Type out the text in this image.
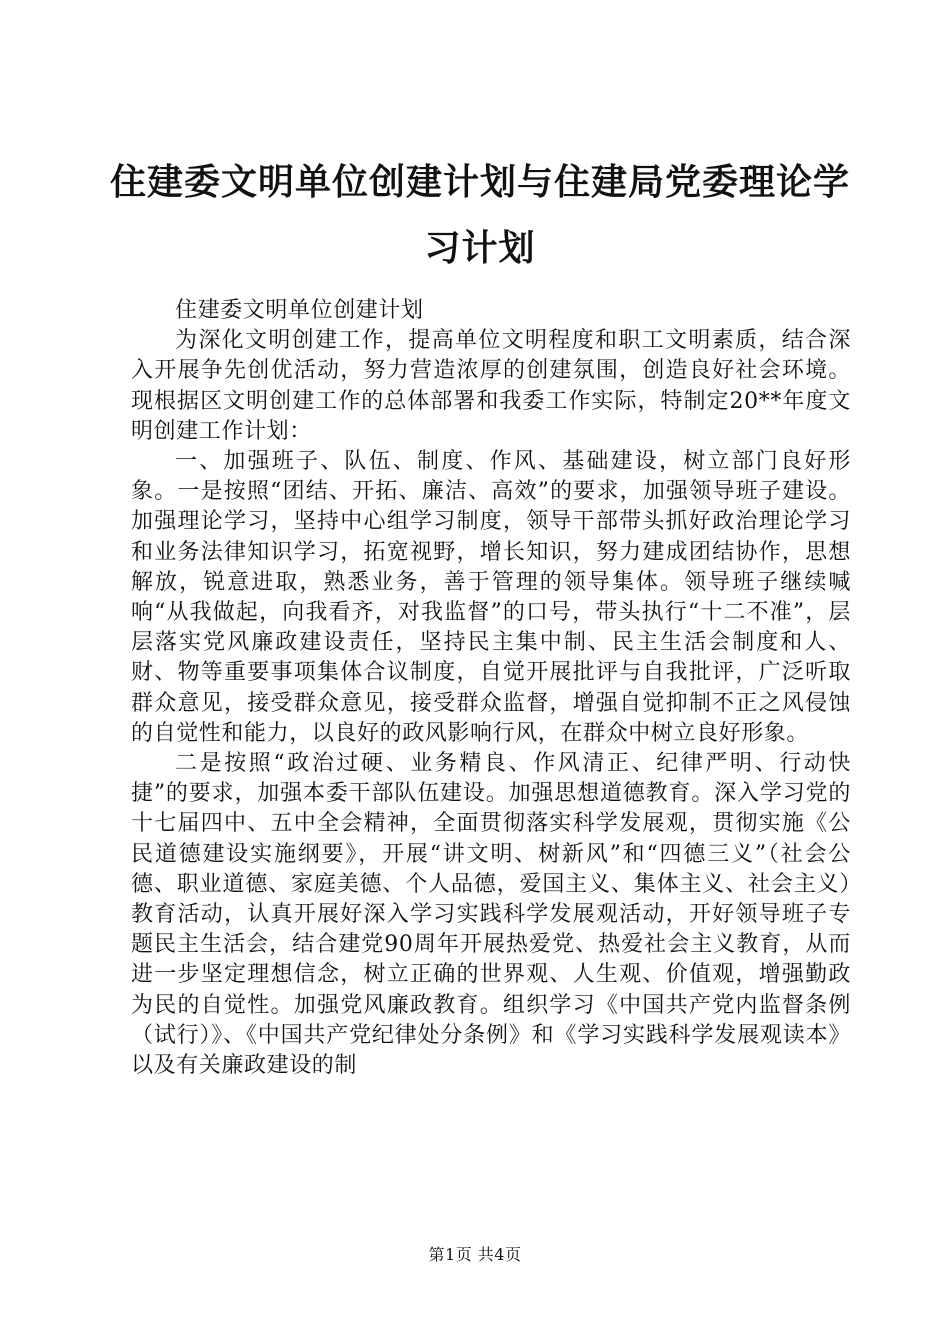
住建委文明单位创建计划与住建局党委理论学习计划

住建委文明单位创建计划

为深化文明创建工作，提高单位文明程度和职工文明素质，结合深入开展争先创优活动，努力营造浓厚的创建氛围，创造良好社会环境。现根据区文明创建工作的总体部署和我委工作实际，特制定20**年度文明创建工作计划：

一、加强班子、队伍、制度、作风、基础建设，树立部门良好形象。一是按照“团结、开拓、廉洁、高效”的要求，加强领导班子建设。加强理论学习，坚持中心组学习制度，领导干部带头抓好政治理论学习和业务法律知识学习，拓宽视野，增长知识，努力建成团结协作，思想解放，锐意进取，熟悉业务，善于管理的领导集体。领导班子继续喊响“从我做起，向我看齐，对我监督”的口号，带头执行“十二不准”，层层落实党风廉政建设责任，坚持民主集中制、民主生活会制度和人、财、物等重要事项集体合议制度，自觉开展批评与自我批评，广泛听取群众意见，接受群众意见，接受群众监督，增强自觉抑制不正之风侵蚀的自觉性和能力，以良好的政风影响行风，在群众中树立良好形象。

二是按照“政治过硬、业务精良、作风清正、纪律严明、行动快捷”的要求，加强本委干部队伍建设。加强思想道德教育。深入学习党的十七届四中、五中全会精神，全面贯彻落实科学发展观，贯彻实施《公民道德建设实施纲要》，开展“讲文明、树新风”和“四德三义”（社会公德、职业道德、家庭美德、个人品德，爱国主义、集体主义、社会主义）教育活动，认真开展好深入学习实践科学发展观活动，开好领导班子专题民主生活会，结合建党90周年开展热爱党、热爱社会主义教育，从而进一步坚定理想信念，树立正确的世界观、人生观、价值观，增强勤政为民的自觉性。加强党风廉政教育。组织学习《中国共产党内监督条例（试行）》、《中国共产党纪律处分条例》和《学习实践科学发展观读本》以及有关廉政建设的制

第1页 共4页
